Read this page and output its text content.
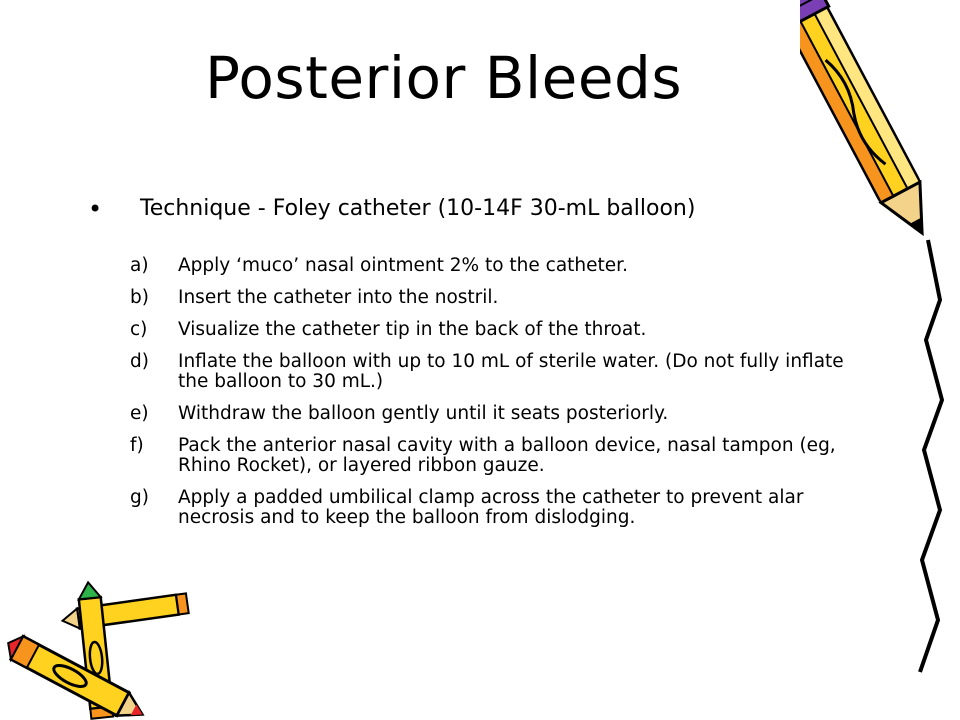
Posterior Bleeds
• Technique - Foley catheter (10-14F 30-mL balloon)
a)	Apply ‘muco’ nasal ointment 2% to the catheter.
b)	Insert the catheter into the nostril.
c)	Visualize the catheter tip in the back of the throat.
d)	Inflate the balloon with up to 10 mL of sterile water. (Do not fully inflate the balloon to 30 mL.)
e)	Withdraw the balloon gently until it seats posteriorly.
f)	Pack the anterior nasal cavity with a balloon device, nasal tampon (eg, Rhino Rocket), or layered ribbon gauze.
g)	Apply a padded umbilical clamp across the catheter to prevent alar necrosis and to keep the balloon from dislodging.
